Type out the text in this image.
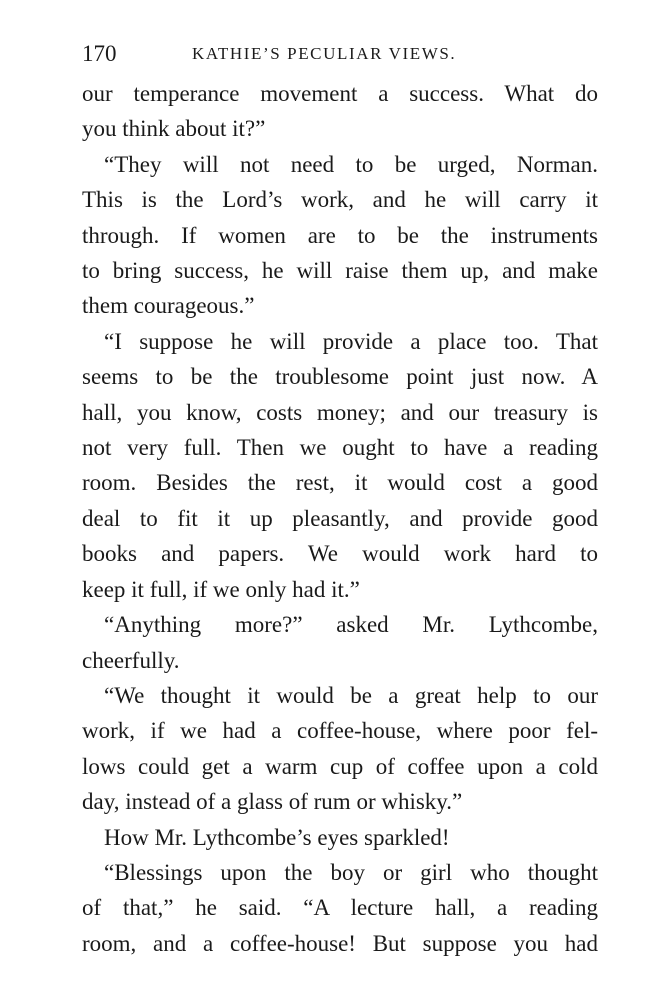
170	KATHIE’S PECULIAR VIEWS.
our temperance movement a success. What do
you think about it?”
“They will not need to be urged, Norman.
This is the Lord’s work, and he will carry it
through. If women are to be the instruments
to bring success, he will raise them up, and make
them courageous.”
“I suppose he will provide a place too. That
seems to be the troublesome point just now. A
hall, you know, costs money; and our treasury is
not very full. Then we ought to have a reading
room. Besides the rest, it would cost a good
deal to fit it up pleasantly, and provide good
books and papers. We would work hard to
keep it full, if we only had it.”
“Anything more?” asked Mr. Lythcombe,
cheerfully.
“We thought it would be a great help to our
work, if we had a coffee-house, where poor fel-
lows could get a warm cup of coffee upon a cold
day, instead of a glass of rum or whisky.”
How Mr. Lythcombe’s eyes sparkled!
“Blessings upon the boy or girl who thought
of that,” he said. “A lecture hall, a reading
room, and a coffee-house! But suppose you had
